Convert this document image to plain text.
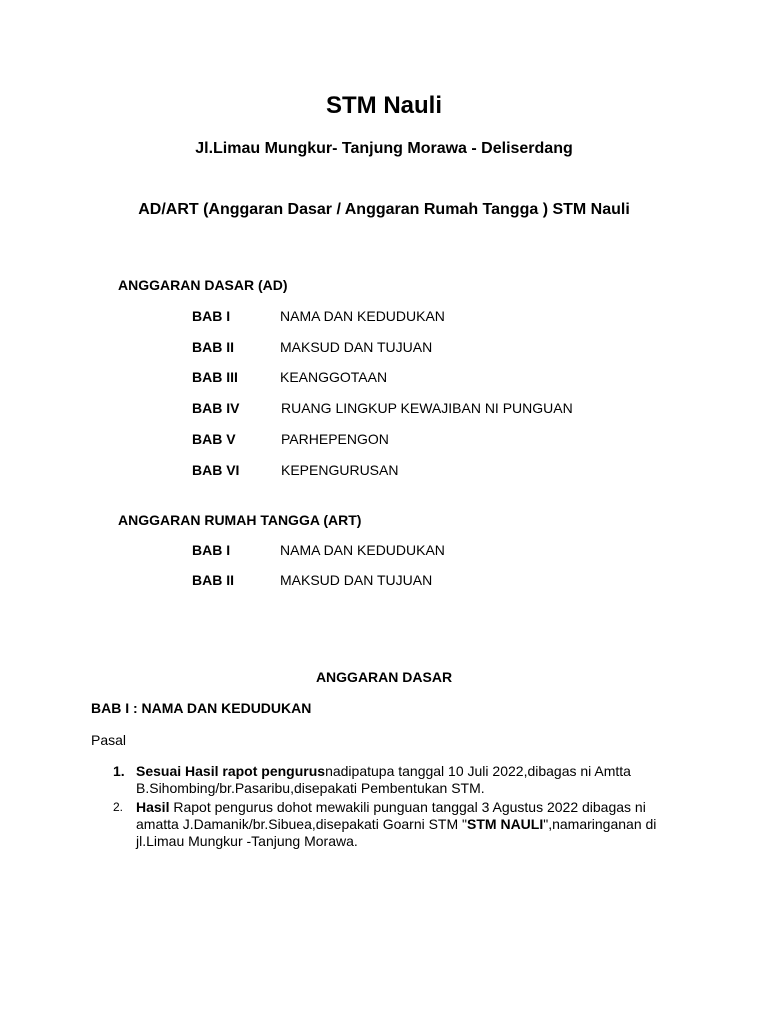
STM Nauli
Jl.Limau Mungkur- Tanjung Morawa - Deliserdang
AD/ART (Anggaran Dasar / Anggaran Rumah Tangga ) STM Nauli
ANGGARAN DASAR (AD)
BAB I	NAMA DAN KEDUDUKAN
BAB II	MAKSUD DAN TUJUAN
BAB III	KEANGGOTAAN
BAB IV	RUANG LINGKUP KEWAJIBAN NI PUNGUAN
BAB V	PARHEPENGON
BAB VI	KEPENGURUSAN
ANGGARAN RUMAH TANGGA (ART)
BAB I	NAMA DAN KEDUDUKAN
BAB II	MAKSUD DAN TUJUAN
ANGGARAN DASAR
BAB I : NAMA DAN KEDUDUKAN
Pasal
1. Sesuai Hasil rapot pengurusnadipatupa tanggal 10 Juli 2022,dibagas ni Amtta B.Sihombing/br.Pasaribu,disepakati Pembentukan STM.
2. Hasil Rapot pengurus dohot mewakili punguan tanggal 3 Agustus 2022 dibagas ni amatta J.Damanik/br.Sibuea,disepakati Goarni STM "STM NAULI",namaringanan di jl.Limau Mungkur -Tanjung Morawa.
